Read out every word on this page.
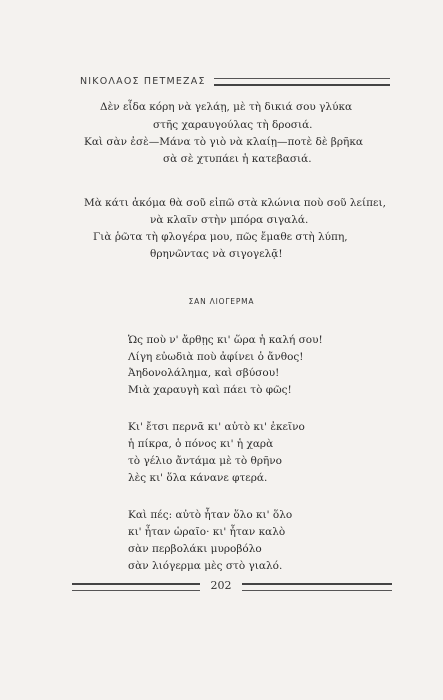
ΝΙΚΟΛΑΟΣ ΠΕΤΜΕΖΑΣ
Δὲν εἶδα κόρη νὰ γελάῃ, μὲ τὴ δικιά σου γλύκα
στῆς χαραυγούλας τὴ δροσιά.
Καὶ σὰν ἐσὲ—Μάνα τὸ γιὸ νὰ κλαίῃ—ποτὲ δὲ βρῆκα
σὰ σὲ χτυπάει ἡ κατεβασιά.
Μὰ κάτι ἀκόμα θὰ σοῦ εἰπῶ στὰ κλώνια ποὺ σοῦ λείπει,
νὰ κλαῖν στὴν μπόρα σιγαλά.
Γιὰ ῥῶτα τὴ φλογέρα μου, πῶς ἔμαθε στὴ λύπη,
θρηνῶντας νὰ σιγογελᾷ!
ΣΑΝ ΛΙΟΓΕΡΜΑ
Ὡς ποὺ ν' ἄρθῃς κι' ὥρα ἡ καλή σου!
Λίγη εὐωδιὰ ποὺ ἀφίνει ὁ ἄνθος!
Ἀηδονολάλημα, καὶ σβύσου!
Μιὰ χαραυγὴ καὶ πάει τὸ φῶς!
Κι' ἔτσι περνᾶ κι' αὐτὸ κι' ἐκεῖνο
ἡ πίκρα, ὁ πόνος κι' ἡ χαρὰ
τὸ γέλιο ἄντάμα μὲ τὸ θρῆνο
λὲς κι' ὅλα κάνανε φτερά.
Καὶ πές: αὐτὸ ἦταν ὅλο κι' ὅλο
κι' ἦταν ὡραῖο· κι' ἦταν καλὸ
σὰν περβολάκι μυροβόλο
σὰν λιόγερμα μὲς στὸ γιαλό.
202
